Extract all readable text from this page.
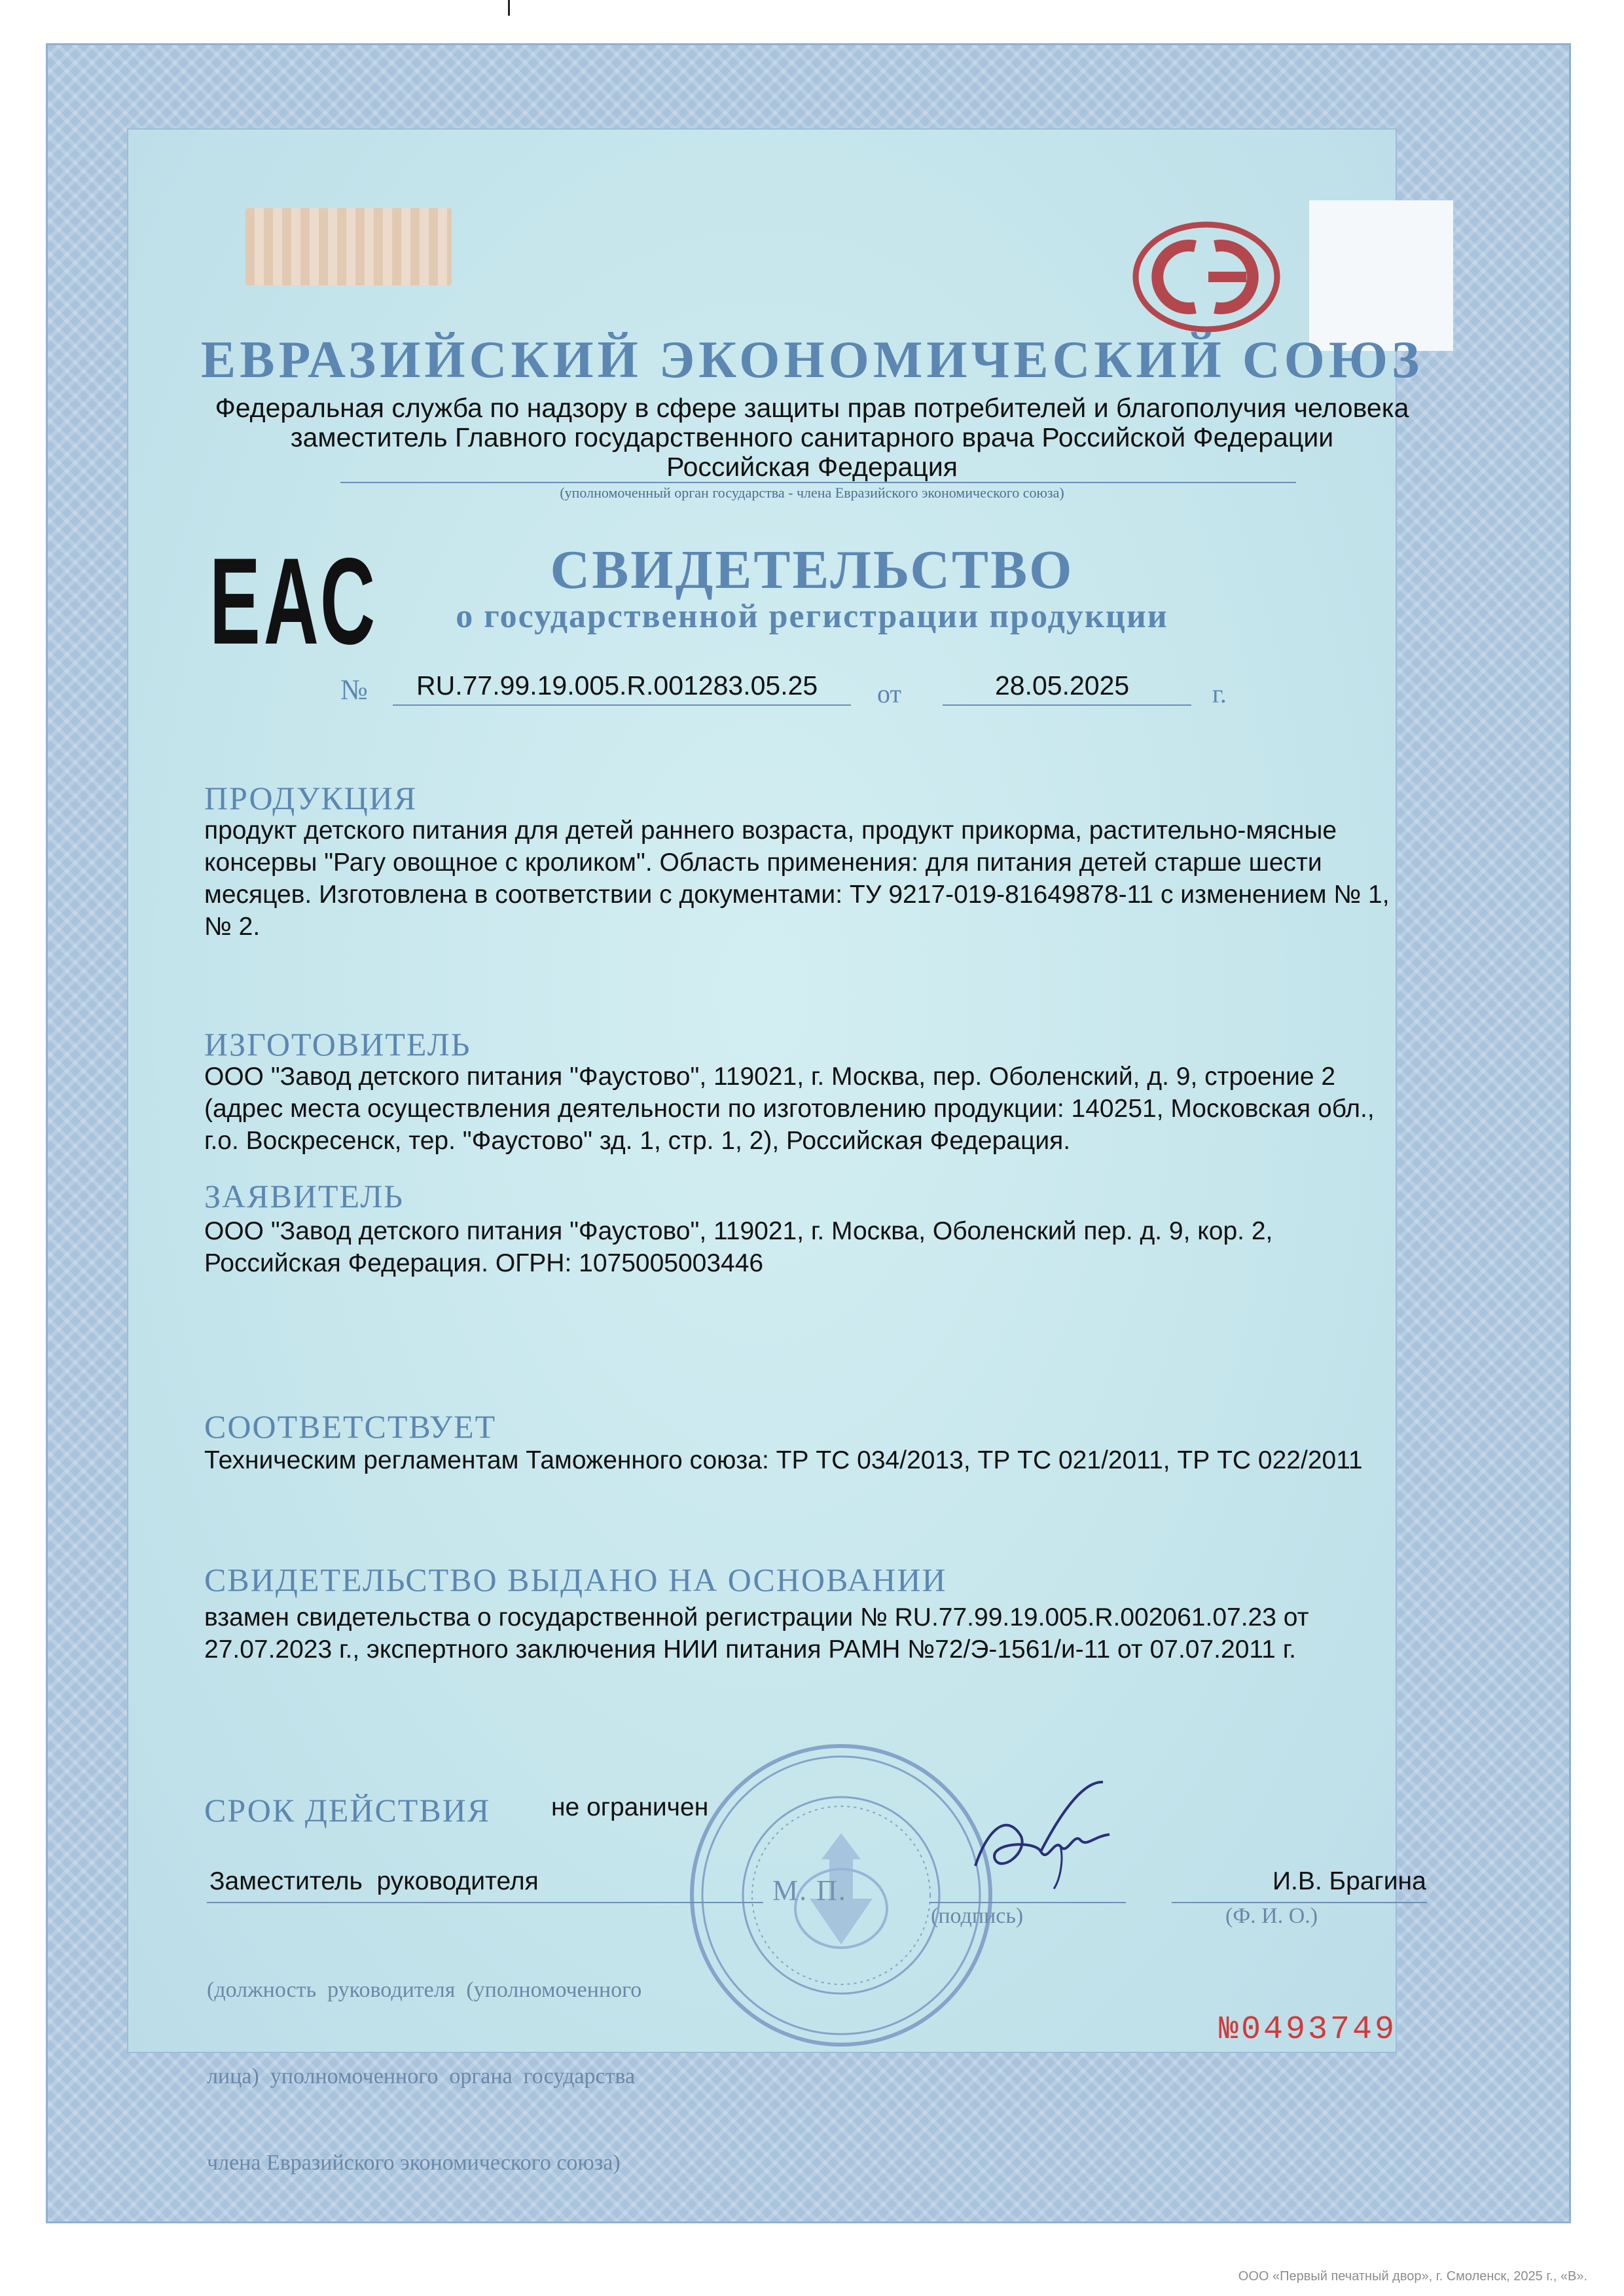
ЕВРАЗИЙСКИЙ ЭКОНОМИЧЕСКИЙ СОЮЗ
Федеральная служба по надзору в сфере защиты прав потребителей и благополучия человека
заместитель Главного государственного санитарного врача Российской Федерации
Российская Федерация
(уполномоченный орган государства - члена Евразийского экономического союза)
ЕАС	СВИДЕТЕЛЬСТВО
о государственной регистрации продукции
№ RU.77.99.19.005.R.001283.05.25 от	28.05.2025	г.
ПРОДУКЦИЯ
продукт детского питания для детей раннего возраста, продукт прикорма, растительно-мясные
консервы "Рагу овощное с кроликом". Область применения: для питания детей старше шести
месяцев. Изготовлена в соответствии с документами: ТУ 9217-019-81649878-11 с изменением № 1,
№ 2.
ИЗГОТОВИТЕЛЬ
ООО "Завод детского питания "Фаустово", 119021, г. Москва, пер. Оболенский, д. 9, строение 2
(адрес места осуществления деятельности по изготовлению продукции: 140251, Московская обл.,
г.о. Воскресенск, тер. "Фаустово" зд. 1, стр. 1, 2), Российская Федерация.
ЗАЯВИТЕЛЬ
ООО "Завод детского питания "Фаустово", 119021, г. Москва, Оболенский пер. д. 9, кор. 2,
Российская Федерация. ОГРН: 1075005003446
СООТВЕТСТВУЕТ
Техническим регламентам Таможенного союза: ТР ТС 034/2013, ТР ТС 021/2011, ТР ТС 022/2011
СВИДЕТЕЛЬСТВО ВЫДАНО НА ОСНОВАНИИ
взамен свидетельства о государственной регистрации № RU.77.99.19.005.R.002061.07.23 от
27.07.2023 г., экспертного заключения НИИ питания РАМН №72/Э-1561/и-11 от 07.07.2011 г.
СРОК ДЕЙСТВИЯ не ограничен
Заместитель  руководителя	М. П.	И.В. Брагина
(подпись)	(Ф. И. О.)

(должность  руководителя  (уполномоченного

лица)  уполномоченного  органа  государства

члена Евразийского экономического союза)

№0493749
ООО «Первый печатный двор», г. Смоленск, 2025 г., «В».
